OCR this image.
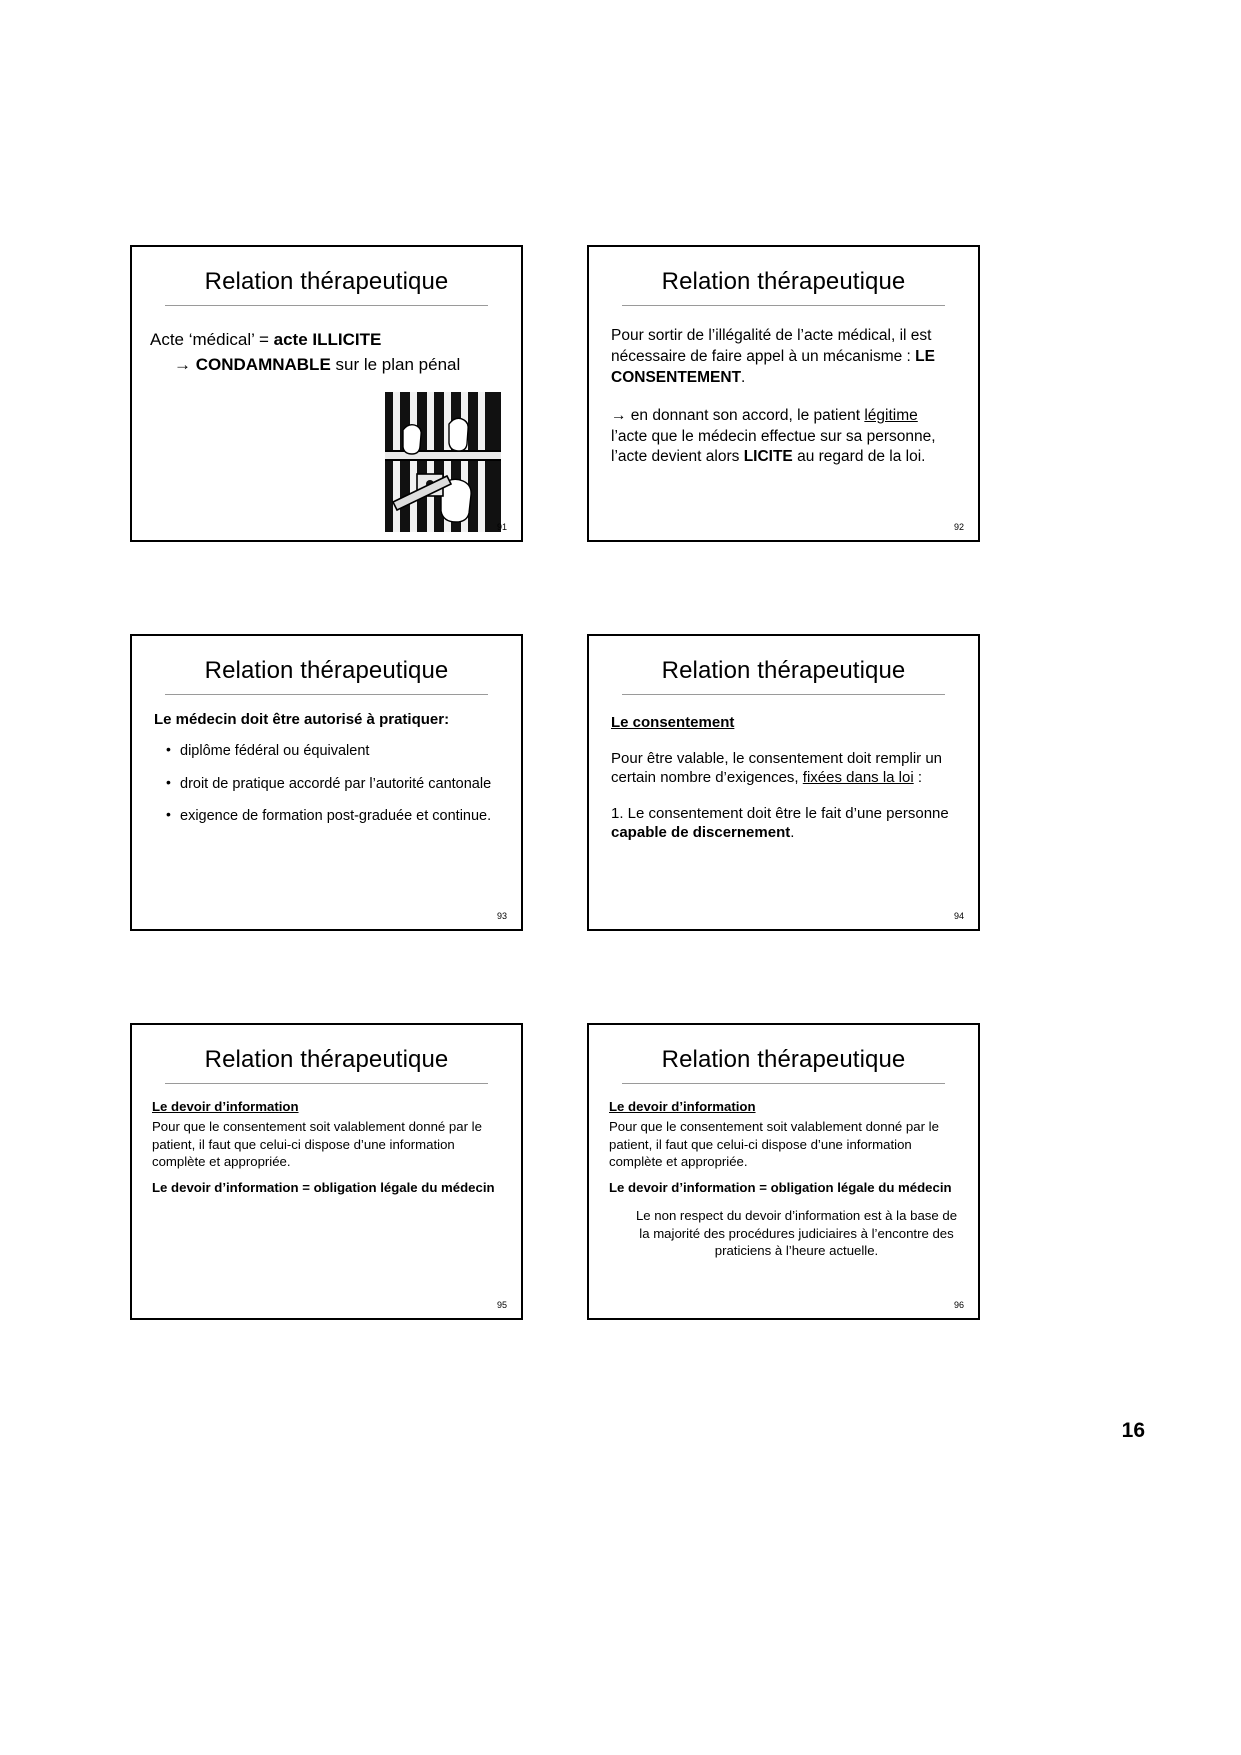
Relation thérapeutique
Acte ‘médical’ = acte ILLICITE
→ CONDAMNABLE sur le plan pénal
91
Relation thérapeutique

Pour sortir de l’illégalité de l’acte médical, il est nécessaire de faire appel à un mécanisme : LE CONSENTEMENT.

→ en donnant son accord, le patient légitime l’acte que le médecin effectue sur sa personne, l’acte devient alors LICITE au regard de la loi.

92
Relation thérapeutique
Le médecin doit être autorisé à pratiquer:
• diplôme fédéral ou équivalent
• droit de pratique accordé par l’autorité cantonale
• exigence de formation post-graduée et continue.
93
Relation thérapeutique

Le consentement

Pour être valable, le consentement doit remplir un certain nombre d’exigences, fixées dans la loi :

1. Le consentement doit être le fait d’une personne capable de discernement.

94
Relation thérapeutique

Le devoir d’information

Pour que le consentement soit valablement donné par le patient, il faut que celui-ci dispose d’une information complète et appropriée.

Le devoir d’information = obligation légale du médecin

95
Relation thérapeutique

Le devoir d’information

Pour que le consentement soit valablement donné par le patient, il faut que celui-ci dispose d’une information complète et appropriée.

Le devoir d’information = obligation légale du médecin

Le non respect du devoir d’information est à la base de la majorité des procédures judiciaires à l’encontre des praticiens à l’heure actuelle.

96
16
